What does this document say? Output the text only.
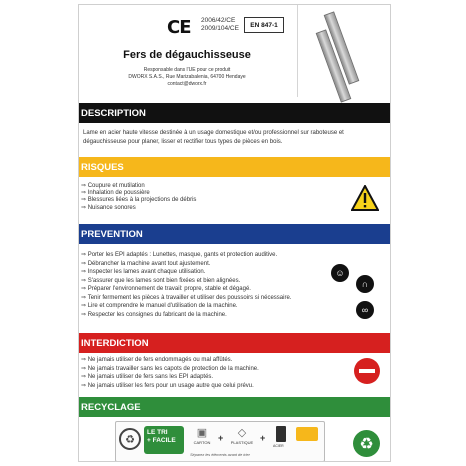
CE 2006/42/CE
2009/104/CE	EN 847-1
Fers de dégauchisseuse
Responsable dans l'UE pour ce produit
DWORX S.A.S., Rue Marizabalenia, 64700 Hendaye
contact@dworx.fr
DESCRIPTION
Lame en acier haute vitesse destinée à un usage domestique et/ou professionnel sur raboteuse et dégauchisseuse pour planer, lisser et rectifier tous types de pièces en bois.
RISQUES
⇒ Coupure et mutilation
⇒ Inhalation de poussière
⇒ Blessures liées à la projections de débris
⇒ Nuisance sonores
PREVENTION
⇒ Porter les EPI adaptés : Lunettes, masque, gants et protection auditive.
⇒ Débrancher la machine avant tout ajustement.
⇒ Inspecter les lames avant chaque utilisation.
⇒ S'assurer que les lames sont bien fixées et bien alignées.
⇒ Préparer l'environnement de travail: propre, stable et dégagé.
⇒ Tenir fermement les pièces à travailler et utiliser des poussoirs si nécessaire.
⇒ Lire et comprendre le manuel d'utilisation de la machine.
⇒ Respecter les consignes du fabricant de la machine.
☺
∩
∞
INTERDICTION
⇒ Ne jamais utiliser de fers endommagés ou mal affûtés.
⇒ Ne jamais travailler sans les capots de protection de la machine.
⇒ Ne jamais utiliser de fers sans les EPI adaptés.
⇒ Ne jamais utiliser les fers pour un usage autre que celui prévu.
RECYCLAGE
♻
LE TRI
+ FACILE
▣
CARTON +	◇
PLASTIQUE +
ACIER
Séparez les éléments avant de trier
♻
